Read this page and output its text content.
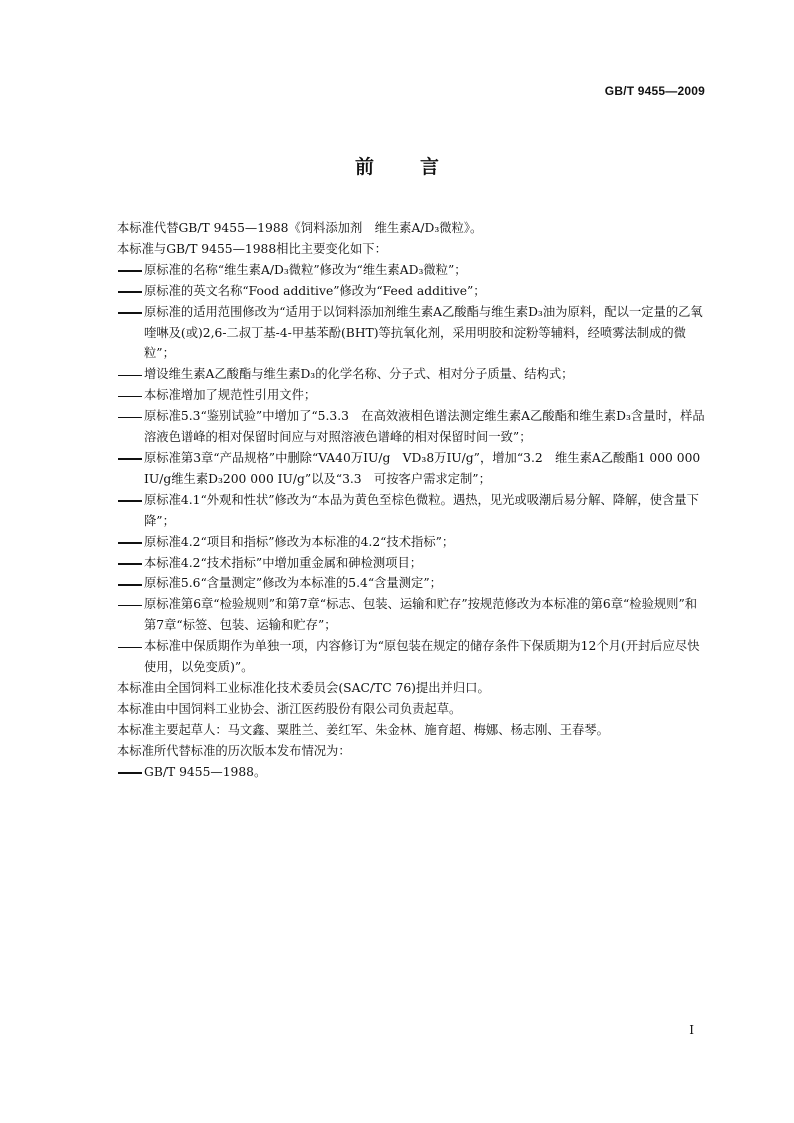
GB/T 9455—2009
前 言

本标准代替GB/T 9455—1988《饲料添加剂　维生素A/D₃微粒》。

本标准与GB/T 9455—1988相比主要变化如下：

原标准的名称“维生素A/D₃微粒”修改为“维生素AD₃微粒”；

原标准的英文名称“Food additive”修改为“Feed additive”；

原标准的适用范围修改为“适用于以饲料添加剂维生素A乙酸酯与维生素D₃油为原料，配以一定量的乙氧喹啉及(或)2,6-二叔丁基-4-甲基苯酚(BHT)等抗氧化剂，采用明胶和淀粉等辅料，经喷雾法制成的微粒”；

增设维生素A乙酸酯与维生素D₃的化学名称、分子式、相对分子质量、结构式；

本标准增加了规范性引用文件；

原标准5.3“鉴别试验”中增加了“5.3.3　在高效液相色谱法测定维生素A乙酸酯和维生素D₃含量时，样品溶液色谱峰的相对保留时间应与对照溶液色谱峰的相对保留时间一致”；

原标准第3章“产品规格”中删除“VA40万IU/g　VD₃8万IU/g”，增加“3.2　维生素A乙酸酯1 000 000 IU/g维生素D₃200 000 IU/g”以及“3.3　可按客户需求定制”；

原标准4.1“外观和性状”修改为“本品为黄色至棕色微粒。遇热，见光或吸潮后易分解、降解，使含量下降”；

原标准4.2“项目和指标”修改为本标准的4.2“技术指标”；

本标准4.2“技术指标”中增加重金属和砷检测项目；

原标准5.6“含量测定”修改为本标准的5.4“含量测定”；

原标准第6章“检验规则”和第7章“标志、包装、运输和贮存”按规范修改为本标准的第6章“检验规则”和第7章“标签、包装、运输和贮存”；

本标准中保质期作为单独一项，内容修订为“原包装在规定的储存条件下保质期为12个月(开封后应尽快使用，以免变质)”。

本标准由全国饲料工业标准化技术委员会(SAC/TC 76)提出并归口。

本标准由中国饲料工业协会、浙江医药股份有限公司负责起草。

本标准主要起草人：马文鑫、粟胜兰、姜红军、朱金林、施育超、梅娜、杨志刚、王春琴。

本标准所代替标准的历次版本发布情况为：

GB/T 9455—1988。

I
